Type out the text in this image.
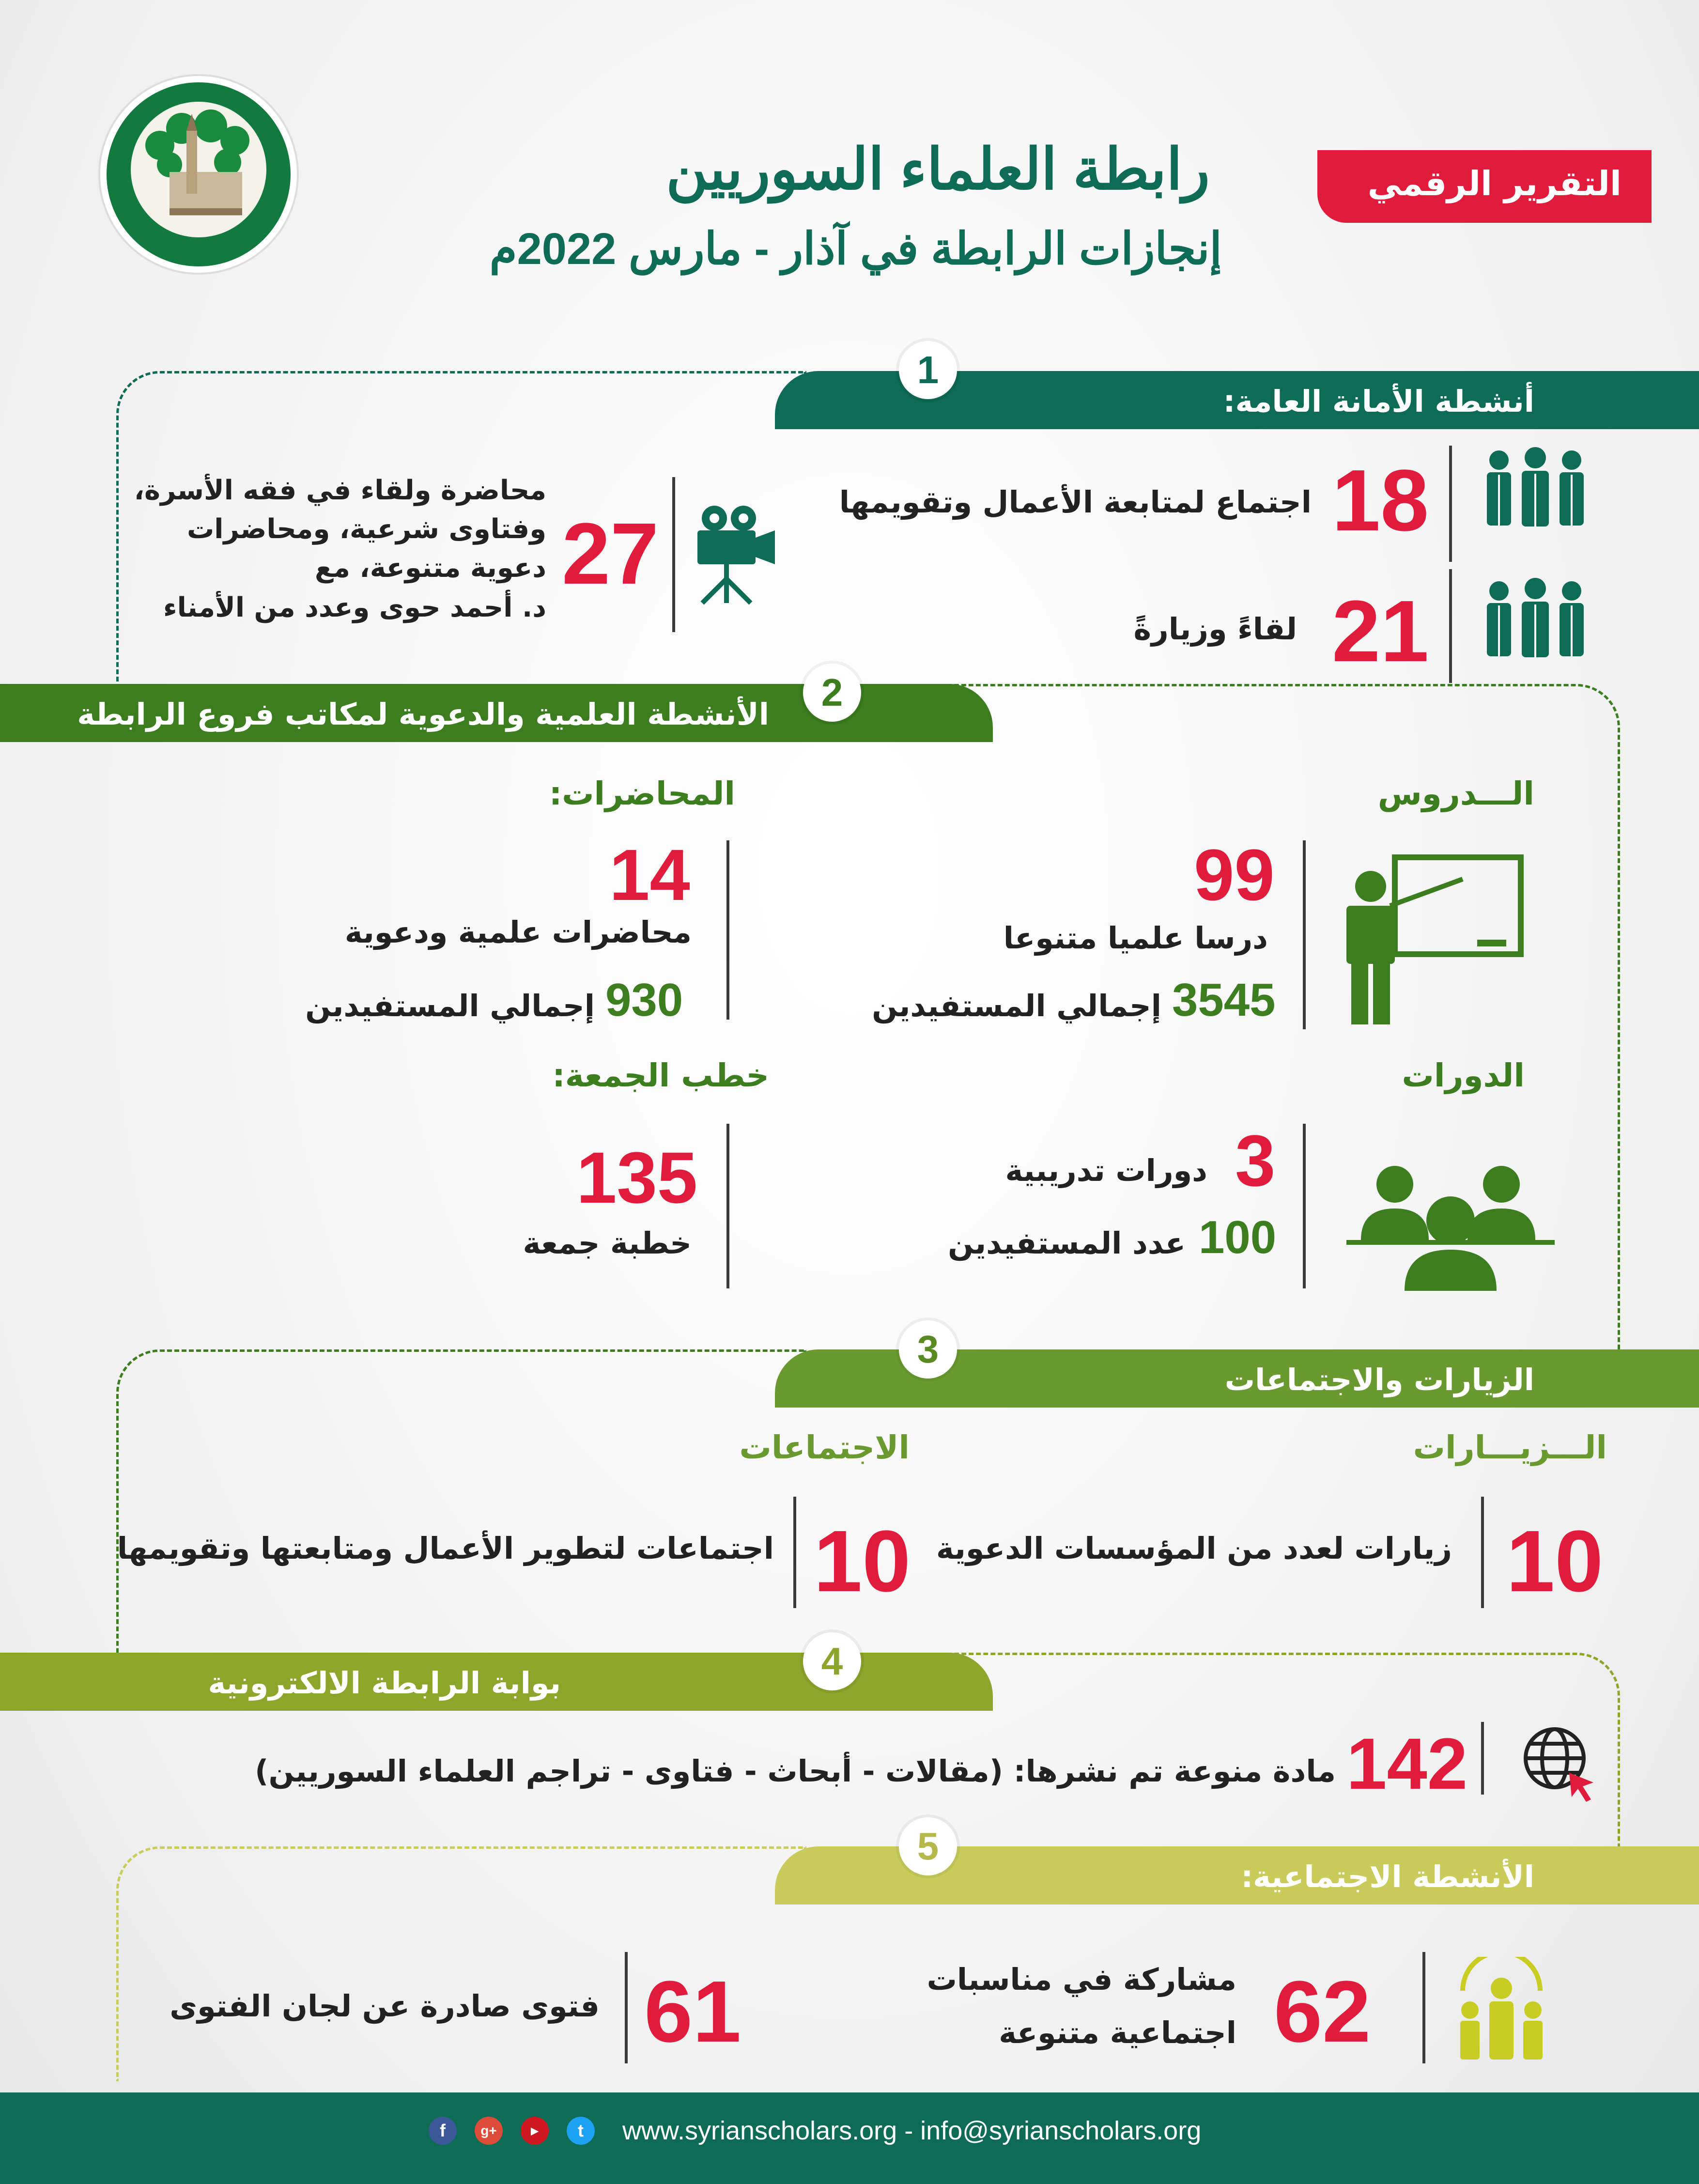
رابطة العلماء السوريين
إنجازات الرابطة في آذار - مارس 2022م
التقرير الرقمي
أنشطة الأمانة العامة:
1
18
اجتماع لمتابعة الأعمال وتقويمها
21
لقاءً وزيارةً
27
محاضرة ولقاء في فقه الأسرة،
وفتاوى شرعية، ومحاضرات
دعوية متنوعة، مع
د. أحمد حوى وعدد من الأمناء
الأنشطة العلمية والدعوية لمكاتب فروع الرابطة
2
الـــدروس
99
درسا علميا متنوعا
3545
إجمالي المستفيدين
المحاضرات:
14
محاضرات علمية ودعوية
930
إجمالي المستفيدين
الدورات
3
دورات تدريبية
100
عدد المستفيدين
خطب الجمعة:
135
خطبة جمعة
الزيارات والاجتماعات
3
الـــزيـــارات
10
زيارات لعدد من المؤسسات الدعوية
الاجتماعات
10
اجتماعات لتطوير الأعمال ومتابعتها وتقويمها
بوابة الرابطة الالكترونية
4
142
مادة منوعة تم نشرها: (مقالات - أبحاث - فتاوى - تراجم العلماء السوريين)
الأنشطة الاجتماعية:
5
62
مشاركة في مناسبات
اجتماعية متنوعة
61
فتوى صادرة عن لجان الفتوى
f	g+	▶	t	www.syrianscholars.org - info@syrianscholars.org
